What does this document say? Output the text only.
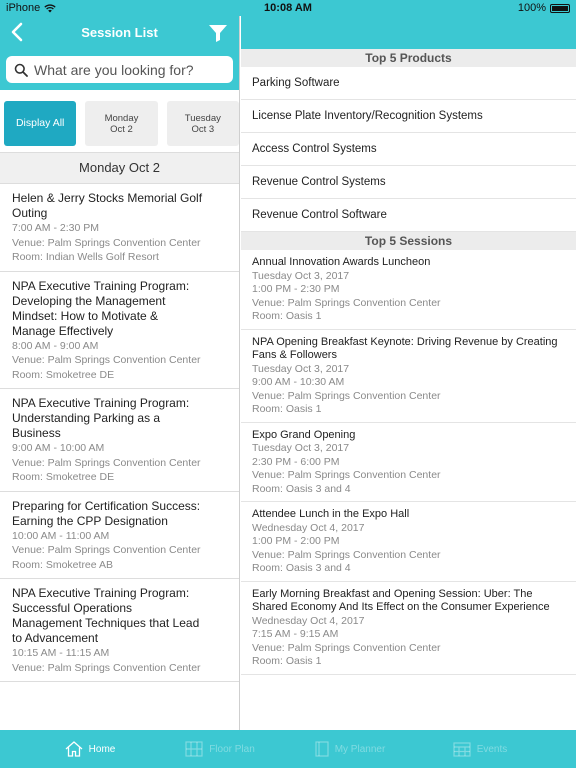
iPhone	10:08 AM	100%
Session List
What are you looking for?
Display All	Monday
Oct 2
Tuesday
Oct 3
Monday Oct 2
Helen & Jerry Stocks Memorial Golf Outing
7:00 AM - 2:30 PM
Venue: Palm Springs Convention Center
Room: Indian Wells Golf Resort
NPA Executive Training Program: Developing the Management Mindset: How to Motivate & Manage Effectively
8:00 AM - 9:00 AM
Venue: Palm Springs Convention Center
Room: Smoketree DE
NPA Executive Training Program: Understanding Parking as a Business
9:00 AM - 10:00 AM
Venue: Palm Springs Convention Center
Room: Smoketree DE
Preparing for Certification Success: Earning the CPP Designation
10:00 AM - 11:00 AM
Venue: Palm Springs Convention Center
Room: Smoketree AB
NPA Executive Training Program: Successful Operations Management Techniques that Lead to Advancement
10:15 AM - 11:15 AM
Venue: Palm Springs Convention Center
Top 5 Products
Parking Software
License Plate Inventory/Recognition Systems
Access Control Systems
Revenue Control Systems
Revenue Control Software
Top 5 Sessions
Annual Innovation Awards Luncheon
Tuesday Oct 3, 2017
1:00 PM - 2:30 PM
Venue: Palm Springs Convention Center
Room: Oasis 1
NPA Opening Breakfast Keynote: Driving Revenue by Creating Fans & Followers
Tuesday Oct 3, 2017
9:00 AM - 10:30 AM
Venue: Palm Springs Convention Center
Room: Oasis 1
Expo Grand Opening
Tuesday Oct 3, 2017
2:30 PM - 6:00 PM
Venue: Palm Springs Convention Center
Room: Oasis 3 and 4
Attendee Lunch in the Expo Hall
Wednesday Oct 4, 2017
1:00 PM - 2:00 PM
Venue: Palm Springs Convention Center
Room: Oasis 3 and 4
Early Morning Breakfast and Opening Session: Uber: The Shared Economy And Its Effect on the Consumer Experience
Wednesday Oct 4, 2017
7:15 AM - 9:15 AM
Venue: Palm Springs Convention Center
Room: Oasis 1
Home	Floor Plan	My Planner	Events
